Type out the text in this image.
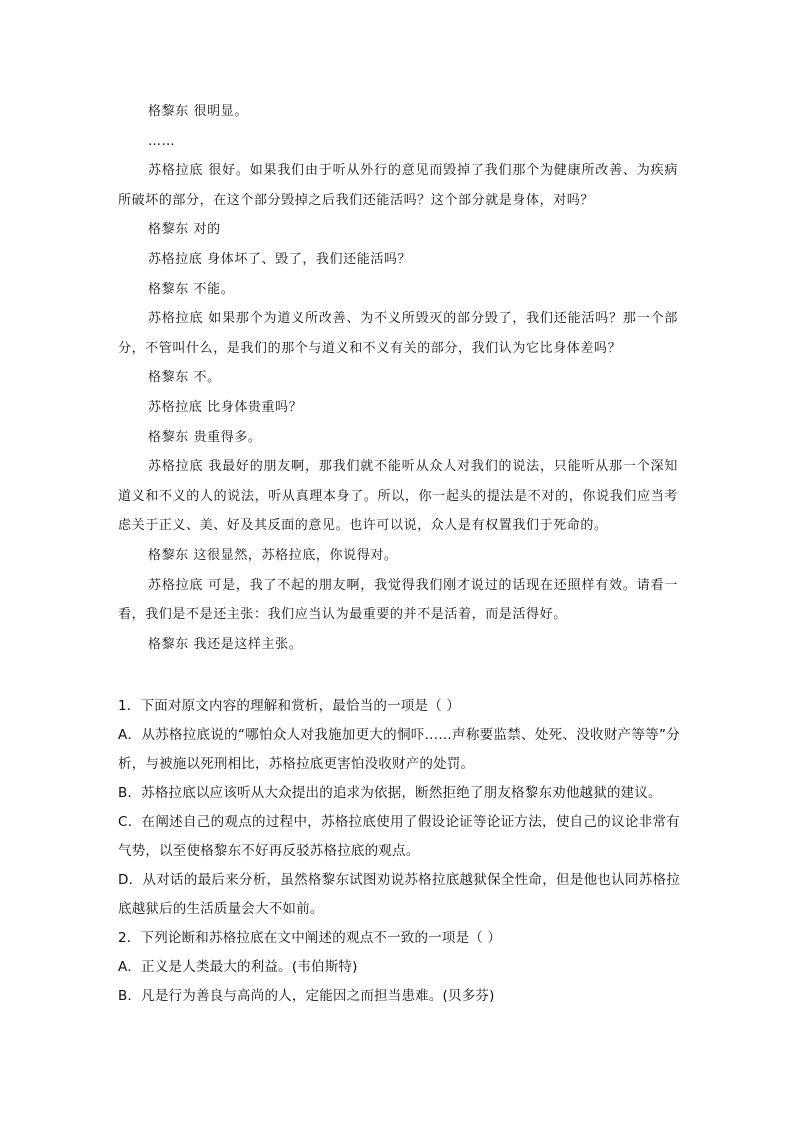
格黎东 很明显。

……

苏格拉底 很好。如果我们由于听从外行的意见而毁掉了我们那个为健康所改善、为疾病所破坏的部分，在这个部分毁掉之后我们还能活吗？这个部分就是身体，对吗？

格黎东 对的

苏格拉底 身体坏了、毁了，我们还能活吗？

格黎东 不能。

苏格拉底 如果那个为道义所改善、为不义所毁灭的部分毁了，我们还能活吗？那一个部分，不管叫什么，是我们的那个与道义和不义有关的部分，我们认为它比身体差吗？

格黎东 不。

苏格拉底 比身体贵重吗？

格黎东 贵重得多。

苏格拉底 我最好的朋友啊，那我们就不能听从众人对我们的说法，只能听从那一个深知道义和不义的人的说法，听从真理本身了。所以，你一起头的提法是不对的，你说我们应当考虑关于正义、美、好及其反面的意见。也许可以说，众人是有权置我们于死命的。

格黎东 这很显然，苏格拉底，你说得对。

苏格拉底 可是，我了不起的朋友啊，我觉得我们刚才说过的话现在还照样有效。请看一看，我们是不是还主张：我们应当认为最重要的并不是活着，而是活得好。

格黎东 我还是这样主张。

1．下面对原文内容的理解和赏析，最恰当的一项是（ ）

A．从苏格拉底说的“哪怕众人对我施加更大的恫吓……声称要监禁、处死、没收财产等等”分析，与被施以死刑相比，苏格拉底更害怕没收财产的处罚。

B．苏格拉底以应该听从大众提出的追求为依据，断然拒绝了朋友格黎东劝他越狱的建议。

C．在阐述自己的观点的过程中，苏格拉底使用了假设论证等论证方法，使自己的议论非常有气势，以至使格黎东不好再反驳苏格拉底的观点。

D．从对话的最后来分析，虽然格黎东试图劝说苏格拉底越狱保全性命，但是他也认同苏格拉底越狱后的生活质量会大不如前。

2．下列论断和苏格拉底在文中阐述的观点不一致的一项是（ ）

A．正义是人类最大的利益。(韦伯斯特)

B．凡是行为善良与高尚的人，定能因之而担当患难。(贝多芬)
